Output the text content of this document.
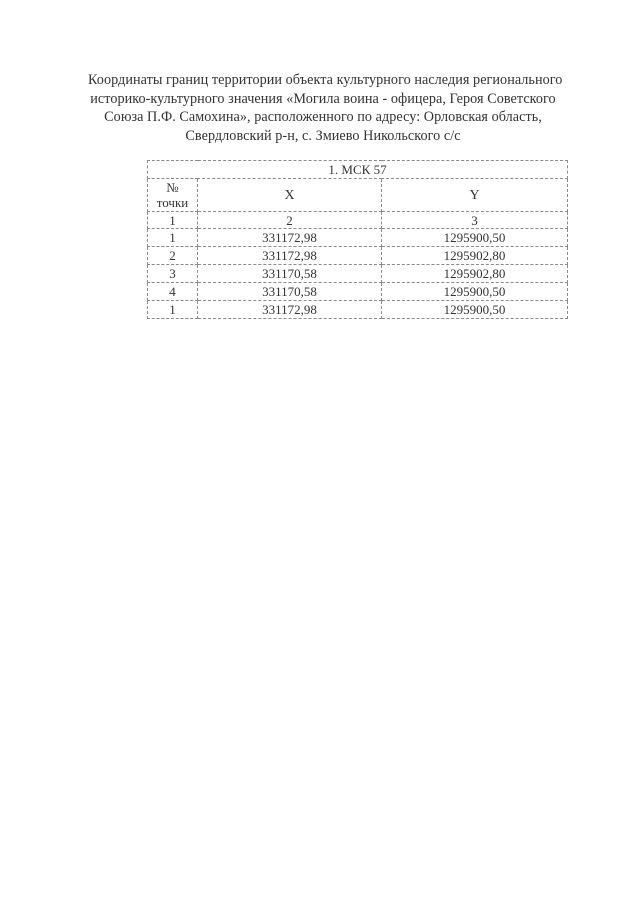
Координаты границ территории объекта культурного наследия регионального
историко-культурного значения «Могила воина - офицера, Героя Советского
Союза П.Ф. Самохина», расположенного по адресу: Орловская область,
Свердловский р-н, с. Змиево Никольского с/с
1. МСК 57		

№
точки	X	Y
1	2	3
1	331172,98	1295900,50
2	331172,98	1295902,80
3	331170,58	1295902,80
4	331170,58	1295900,50
1	331172,98	1295900,50
